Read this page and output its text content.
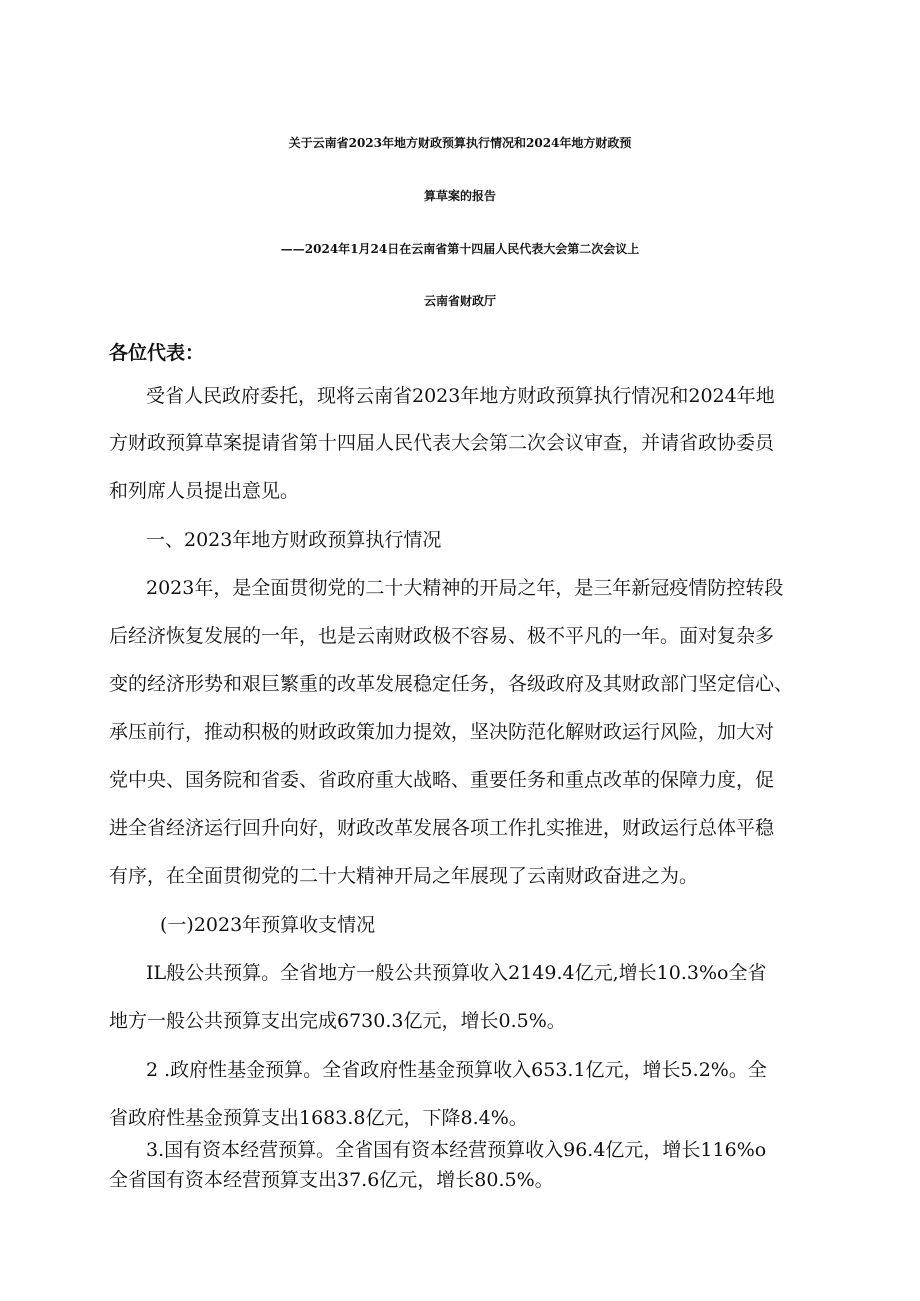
关于云南省2023年地方财政预算执行情况和2024年地方财政预
算草案的报告
——2024年1月24日在云南省第十四届人民代表大会第二次会议上
云南省财政厅
各位代表：
受省人民政府委托，现将云南省2023年地方财政预算执行情况和2024年地
方财政预算草案提请省第十四届人民代表大会第二次会议审查，并请省政协委员
和列席人员提出意见。
一、2023年地方财政预算执行情况
2023年，是全面贯彻党的二十大精神的开局之年，是三年新冠疫情防控转段
后经济恢复发展的一年，也是云南财政极不容易、极不平凡的一年。面对复杂多
变的经济形势和艰巨繁重的改革发展稳定任务，各级政府及其财政部门坚定信心、
承压前行，推动积极的财政政策加力提效，坚决防范化解财政运行风险，加大对
党中央、国务院和省委、省政府重大战略、重要任务和重点改革的保障力度，促
进全省经济运行回升向好，财政改革发展各项工作扎实推进，财政运行总体平稳
有序，在全面贯彻党的二十大精神开局之年展现了云南财政奋进之为。
(一)2023年预算收支情况
IL般公共预算。全省地方一般公共预算收入2149.4亿元,增长10.3%o全省
地方一般公共预算支出完成6730.3亿元，增长0.5%。
2 .政府性基金预算。全省政府性基金预算收入653.1亿元，增长5.2%。全
省政府性基金预算支出1683.8亿元，下降8.4%。
3.国有资本经营预算。全省国有资本经营预算收入96.4亿元，增长116%o
全省国有资本经营预算支出37.6亿元，增长80.5%。
